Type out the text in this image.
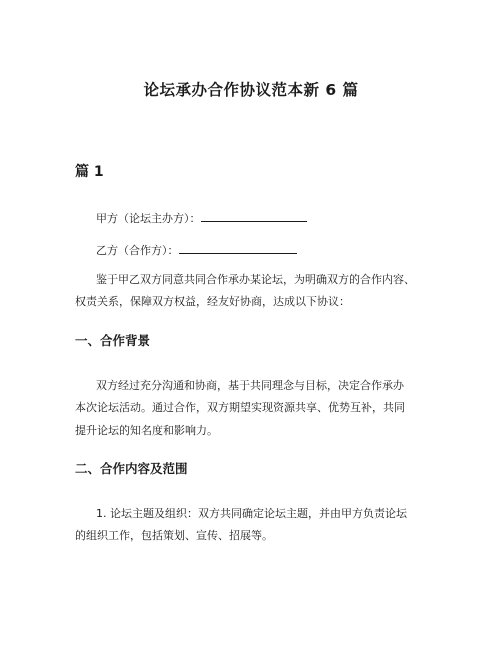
论坛承办合作协议范本新 6 篇
篇 1
甲方（论坛主办方）：
乙方（合作方）：
鉴于甲乙双方同意共同合作承办某论坛，为明确双方的合作内容、
权责关系，保障双方权益，经友好协商，达成以下协议：
一、合作背景
双方经过充分沟通和协商，基于共同理念与目标，决定合作承办
本次论坛活动。通过合作，双方期望实现资源共享、优势互补，共同
提升论坛的知名度和影响力。
二、合作内容及范围
1. 论坛主题及组织：双方共同确定论坛主题，并由甲方负责论坛
的组织工作，包括策划、宣传、招展等。
